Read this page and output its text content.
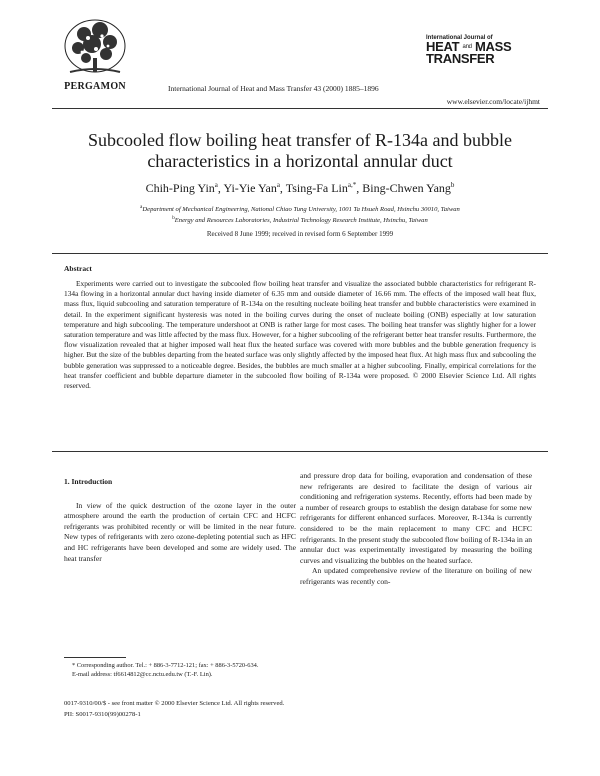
PERGAMON	International Journal of Heat and Mass Transfer 43 (2000) 1885–1896
International Journal of
HEAT and MASS
TRANSFER
www.elsevier.com/locate/ijhmt
Subcooled flow boiling heat transfer of R-134a and bubble
characteristics in a horizontal annular duct
Chih-Ping Yin$^a$, Yi-Yie Yan$^a$, Tsing-Fa Lin$^{a,*}$, Bing-Chwen Yang$^b$
$^a$Department of Mechanical Engineering, National Chiao Tung University, 1001 Ta Hsueh Road, Hsinchu 30010, Taiwan
$^b$Energy and Resources Laboratories, Industrial Technology Research Institute, Hsinchu, Taiwan
Received 8 June 1999; received in revised form 6 September 1999
Abstract
Experiments were carried out to investigate the subcooled flow boiling heat transfer and visualize the associated bubble characteristics for refrigerant R-134a flowing in a horizontal annular duct having inside diameter of 6.35 mm and outside diameter of 16.66 mm. The effects of the imposed wall heat flux, mass flux, liquid subcooling and saturation temperature of R-134a on the resulting nucleate boiling heat transfer and bubble characteristics were examined in detail. In the experiment significant hysteresis was noted in the boiling curves during the onset of nucleate boiling (ONB) especially at low saturation temperature and high subcooling. The temperature undershoot at ONB is rather large for most cases. The boiling heat transfer was slightly higher for a lower saturation temperature and was little affected by the mass flux. However, for a higher subcooling of the refrigerant better heat transfer results. Furthermore, the flow visualization revealed that at higher imposed wall heat flux the heated surface was covered with more bubbles and the bubble generation frequency is higher. But the size of the bubbles departing from the heated surface was only slightly affected by the imposed heat flux. At high mass flux and subcooling the bubble generation was suppressed to a noticeable degree. Besides, the bubbles are much smaller at a higher subcooling. Finally, empirical correlations for the heat transfer coefficient and bubble departure diameter in the subcooled flow boiling of R-134a were proposed. © 2000 Elsevier Science Ltd. All rights reserved.
1. Introduction

In view of the quick destruction of the ozone layer in the outer atmosphere around the earth the production of certain CFC and HCFC refrigerants was prohibited recently or will be limited in the near future. New types of refrigerants with zero ozone-depleting potential such as HFC and HC refrigerants have been developed and some are widely used. The heat transfer

and pressure drop data for boiling, evaporation and condensation of these new refrigerants are desired to facilitate the design of various air conditioning and refrigeration systems. Recently, efforts had been made by a number of research groups to establish the design database for some new refrigerants for different enhanced surfaces. Moreover, R-134a is currently considered to be the main replacement to many CFC and HCFC refrigerants. In the present study the subcooled flow boiling of R-134a in an annular duct was experimentally investigated by measuring the boiling curves and visualizing the bubbles on the heated surface.

An updated comprehensive review of the literature on boiling of new refrigerants was recently con-

* Corresponding author. Tel.: + 886-3-7712-121; fax: + 886-3-5720-634.

E-mail address: tf6614812@cc.nctu.edu.tw (T.-F. Lin).

0017-9310/00/$ - see front matter © 2000 Elsevier Science Ltd. All rights reserved.
PII: S0017-9310(99)00278-1
